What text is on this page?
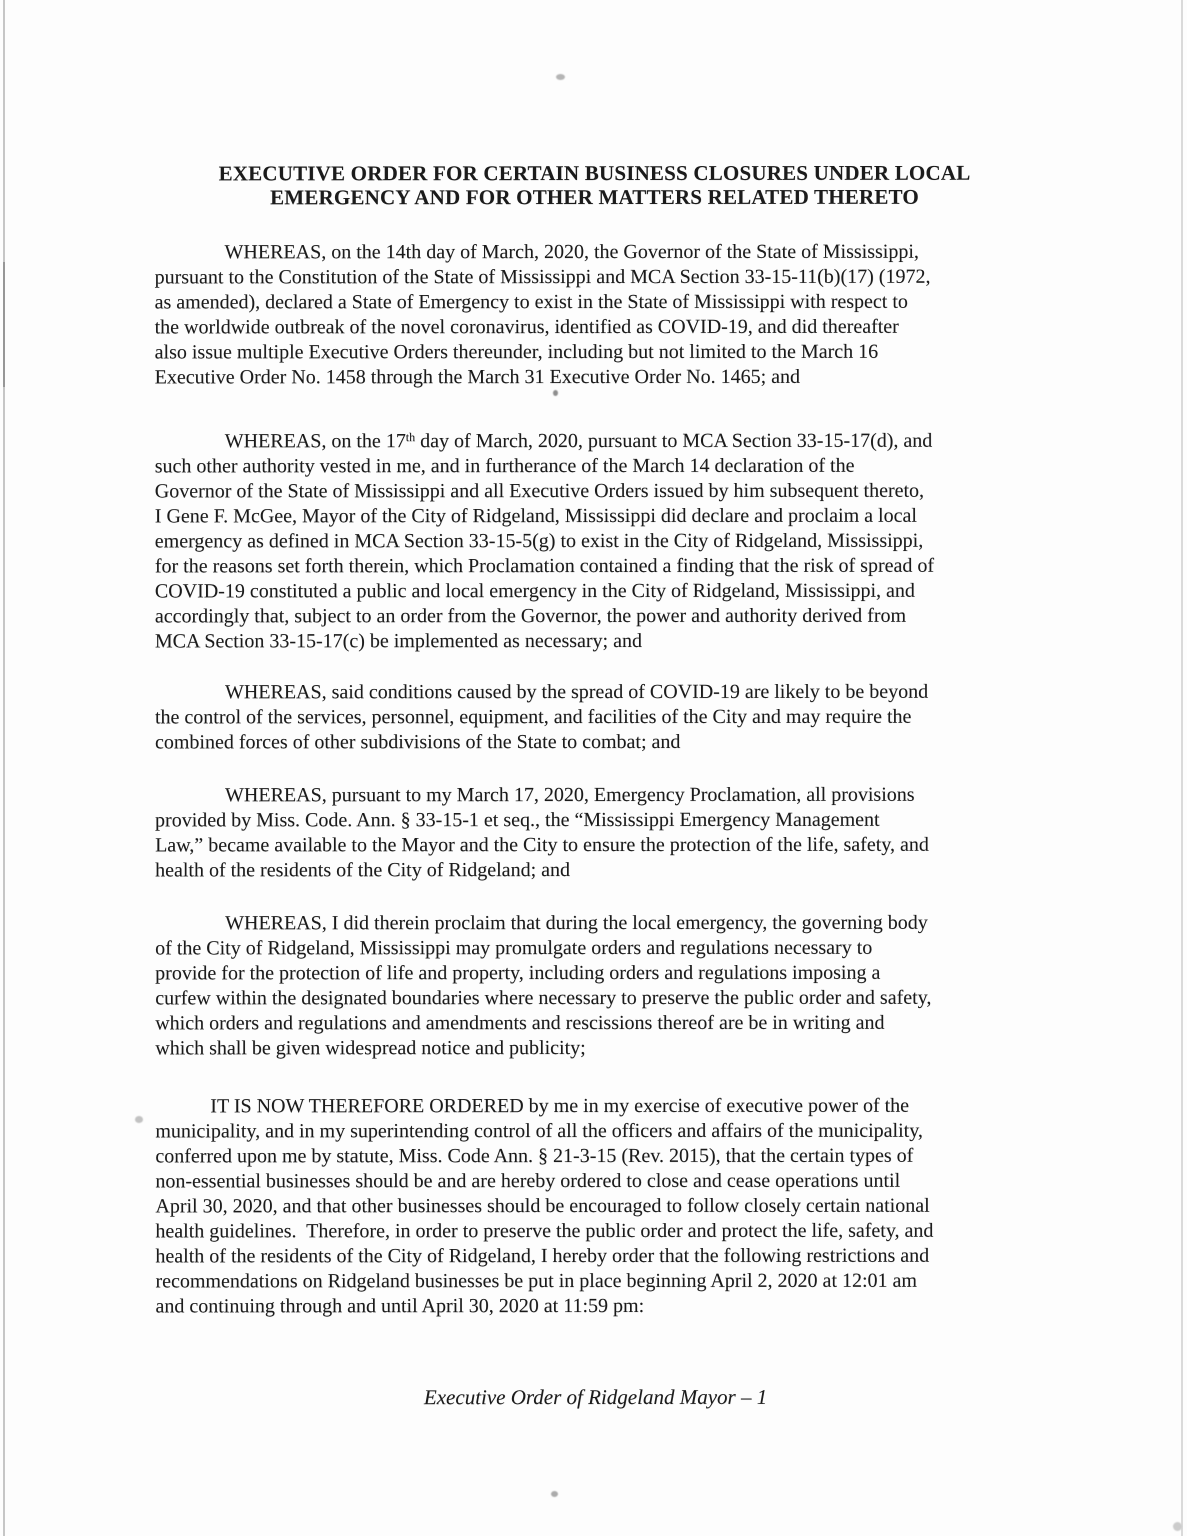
EXECUTIVE ORDER FOR CERTAIN BUSINESS CLOSURES UNDER LOCAL
EMERGENCY AND FOR OTHER MATTERS RELATED THERETO
WHEREAS, on the 14th day of March, 2020, the Governor of the State of Mississippi,
pursuant to the Constitution of the State of Mississippi and MCA Section 33-15-11(b)(17) (1972,
as amended), declared a State of Emergency to exist in the State of Mississippi with respect to
the worldwide outbreak of the novel coronavirus, identified as COVID-19, and did thereafter
also issue multiple Executive Orders thereunder, including but not limited to the March 16
Executive Order No. 1458 through the March 31 Executive Order No. 1465; and
WHEREAS, on the 17th day of March, 2020, pursuant to MCA Section 33-15-17(d), and
such other authority vested in me, and in furtherance of the March 14 declaration of the
Governor of the State of Mississippi and all Executive Orders issued by him subsequent thereto,
I Gene F. McGee, Mayor of the City of Ridgeland, Mississippi did declare and proclaim a local
emergency as defined in MCA Section 33-15-5(g) to exist in the City of Ridgeland, Mississippi,
for the reasons set forth therein, which Proclamation contained a finding that the risk of spread of
COVID-19 constituted a public and local emergency in the City of Ridgeland, Mississippi, and
accordingly that, subject to an order from the Governor, the power and authority derived from
MCA Section 33-15-17(c) be implemented as necessary; and
WHEREAS, said conditions caused by the spread of COVID-19 are likely to be beyond
the control of the services, personnel, equipment, and facilities of the City and may require the
combined forces of other subdivisions of the State to combat; and
WHEREAS, pursuant to my March 17, 2020, Emergency Proclamation, all provisions
provided by Miss. Code. Ann. § 33-15-1 et seq., the “Mississippi Emergency Management
Law,” became available to the Mayor and the City to ensure the protection of the life, safety, and
health of the residents of the City of Ridgeland; and
WHEREAS, I did therein proclaim that during the local emergency, the governing body
of the City of Ridgeland, Mississippi may promulgate orders and regulations necessary to
provide for the protection of life and property, including orders and regulations imposing a
curfew within the designated boundaries where necessary to preserve the public order and safety,
which orders and regulations and amendments and rescissions thereof are be in writing and
which shall be given widespread notice and publicity;
IT IS NOW THEREFORE ORDERED by me in my exercise of executive power of the
municipality, and in my superintending control of all the officers and affairs of the municipality,
conferred upon me by statute, Miss. Code Ann. § 21-3-15 (Rev. 2015), that the certain types of
non-essential businesses should be and are hereby ordered to close and cease operations until
April 30, 2020, and that other businesses should be encouraged to follow closely certain national
health guidelines.  Therefore, in order to preserve the public order and protect the life, safety, and
health of the residents of the City of Ridgeland, I hereby order that the following restrictions and
recommendations on Ridgeland businesses be put in place beginning April 2, 2020 at 12:01 am
and continuing through and until April 30, 2020 at 11:59 pm:
Executive Order of Ridgeland Mayor – 1
